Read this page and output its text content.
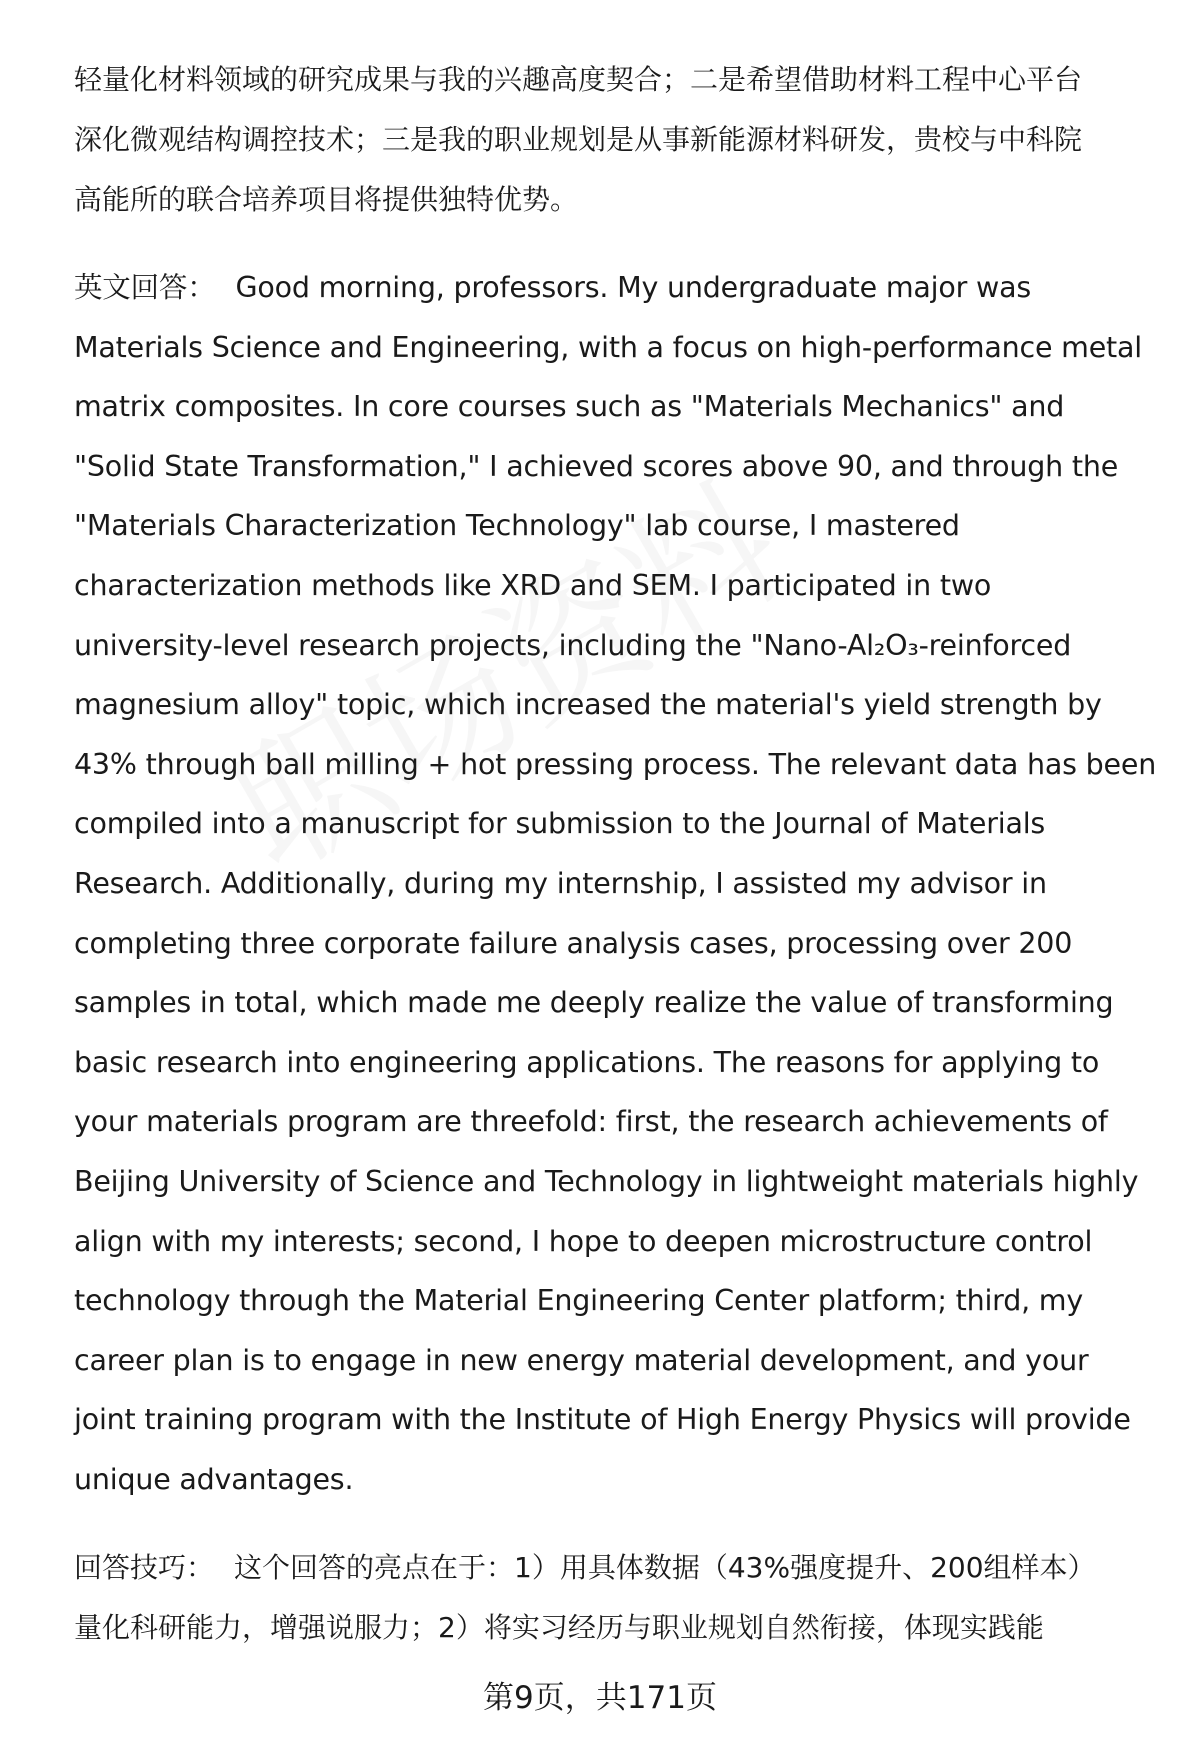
轻量化材料领域的研究成果与我的兴趣高度契合；二是希望借助材料工程中心平台
深化微观结构调控技术；三是我的职业规划是从事新能源材料研发，贵校与中科院
高能所的联合培养项目将提供独特优势。
英文回答： Good morning, professors. My undergraduate major was
Materials Science and Engineering, with a focus on high-performance metal
matrix composites. In core courses such as "Materials Mechanics" and
"Solid State Transformation," I achieved scores above 90, and through the
"Materials Characterization Technology" lab course, I mastered
characterization methods like XRD and SEM. I participated in two
university-level research projects, including the "Nano-Al₂O₃-reinforced
magnesium alloy" topic, which increased the material's yield strength by
43% through ball milling + hot pressing process. The relevant data has been
compiled into a manuscript for submission to the Journal of Materials
Research. Additionally, during my internship, I assisted my advisor in
completing three corporate failure analysis cases, processing over 200
samples in total, which made me deeply realize the value of transforming
basic research into engineering applications. The reasons for applying to
your materials program are threefold: first, the research achievements of
Beijing University of Science and Technology in lightweight materials highly
align with my interests; second, I hope to deepen microstructure control
technology through the Material Engineering Center platform; third, my
career plan is to engage in new energy material development, and your
joint training program with the Institute of High Energy Physics will provide
unique advantages.
回答技巧： 这个回答的亮点在于：1）用具体数据（43%强度提升、200组样本）
量化科研能力，增强说服力；2）将实习经历与职业规划自然衔接，体现实践能
第9页，共171页
